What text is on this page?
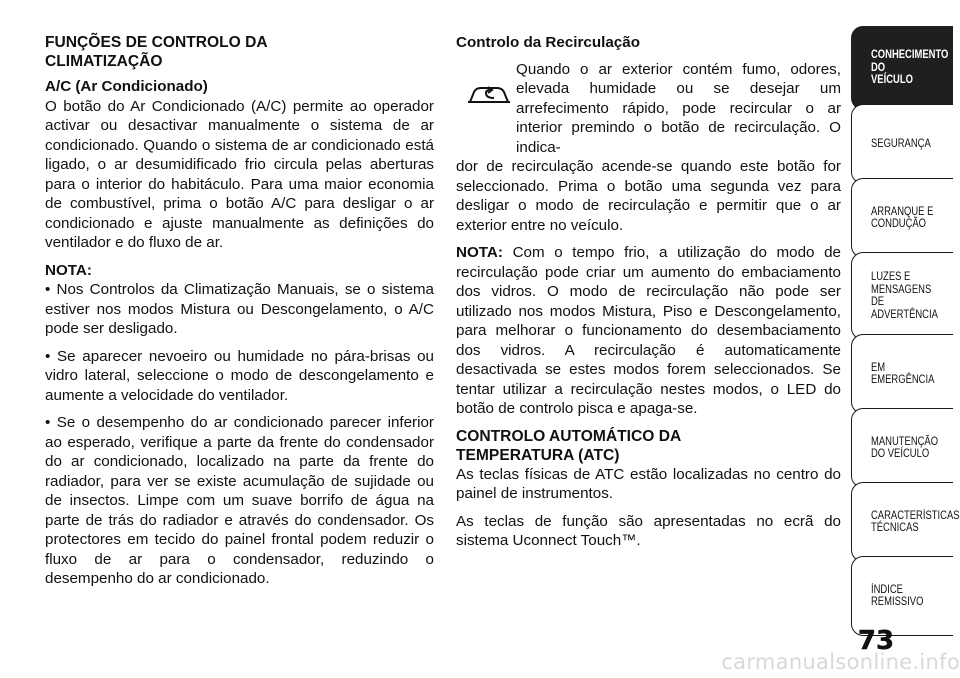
FUNÇÕES DE CONTROLO DA
CLIMATIZAÇÃO
A/C (Ar Condicionado)

O botão do Ar Condicionado (A/C) permite ao operador activar ou desactivar manualmente o sistema de ar condicionado. Quando o sistema de ar condicionado está ligado, o ar desumidificado frio circula pelas aberturas para o interior do habitáculo. Para uma maior economia de combustível, prima o botão A/C para desligar o ar condicionado e ajuste manualmente as definições do ventilador e do fluxo de ar.

NOTA:

• Nos Controlos da Climatização Manuais, se o sistema estiver nos modos Mistura ou Descongelamento, o A/C pode ser desligado.

• Se aparecer nevoeiro ou humidade no pára-brisas ou vidro lateral, seleccione o modo de descongelamento e aumente a velocidade do ventilador.

• Se o desempenho do ar condicionado parecer inferior ao esperado, verifique a parte da frente do condensador do ar condicionado, localizado na parte da frente do radiador, para ver se existe acumulação de sujidade ou de insectos. Limpe com um suave borrifo de água na parte de trás do radiador e através do condensador. Os protectores em tecido do painel frontal podem reduzir o fluxo de ar para o condensador, reduzindo o desempenho do ar condicionado.

Controlo da Recirculação

Quando o ar exterior contém fumo, odores, elevada humidade ou se desejar um arrefecimento rápido, pode recircular o ar interior premindo o botão de recirculação. O indica-

dor de recirculação acende-se quando este botão for seleccionado. Prima o botão uma segunda vez para desligar o modo de recirculação e permitir que o ar exterior entre no veículo.

NOTA: Com o tempo frio, a utilização do modo de recirculação pode criar um aumento do embaciamento dos vidros. O modo de recirculação não pode ser utilizado nos modos Mistura, Piso e Descongelamento, para melhorar o funcionamento do desembaciamento dos vidros. A recirculação é automaticamente desactivada se estes modos forem seleccionados. Se tentar utilizar a recirculação nestes modos, o LED do botão de controlo pisca e apaga-se.

CONTROLO AUTOMÁTICO DA
TEMPERATURA (ATC)

As teclas físicas de ATC estão localizadas no centro do painel de instrumentos.

As teclas de função são apresentadas no ecrã do sistema Uconnect Touch™.

CONHECIMENTO
DO
VEÍCULO
SEGURANÇA
ARRANQUE E
CONDUÇÃO
LUZES E
MENSAGENS
DE
ADVERTÊNCIA
EM
EMERGÊNCIA
MANUTENÇÃO
DO VEÍCULO
CARACTERÍSTICAS
TÉCNICAS
ÍNDICE
REMISSIVO
73
carmanualsonline.info
